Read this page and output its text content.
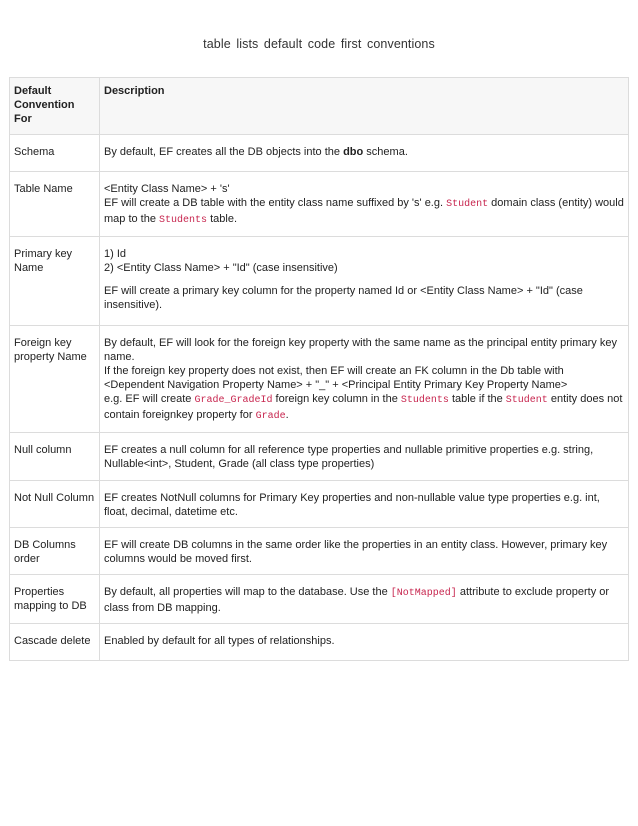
table lists default code first conventions
Default Convention For	Description
Schema	By default, EF creates all the DB objects into the dbo schema.
Table Name	<Entity Class Name> + 's'
EF will create a DB table with the entity class name suffixed by 's' e.g. Student domain class (entity) would map to the Students table.

Primary key Name	1) Id
2) <Entity Class Name> + "Id" (case insensitive)
EF will create a primary key column for the property named Id or <Entity Class Name> + "Id" (case insensitive).

Foreign key property Name	By default, EF will look for the foreign key property with the same name as the principal entity primary key name.
If the foreign key property does not exist, then EF will create an FK column in the Db table with <Dependent Navigation Property Name> + "_" + <Principal Entity Primary Key Property Name>
e.g. EF will create Grade_GradeId foreign key column in the Students table if the Student entity does not contain foreignkey property for Grade.

Null column	EF creates a null column for all reference type properties and nullable primitive properties e.g. string, Nullable<int>, Student, Grade (all class type properties)
Not Null Column	EF creates NotNull columns for Primary Key properties and non-nullable value type properties e.g. int, float, decimal, datetime etc.
DB Columns order	EF will create DB columns in the same order like the properties in an entity class. However, primary key columns would be moved first.
Properties mapping to DB	By default, all properties will map to the database. Use the [NotMapped] attribute to exclude property or class from DB mapping.
Cascade delete	Enabled by default for all types of relationships.
